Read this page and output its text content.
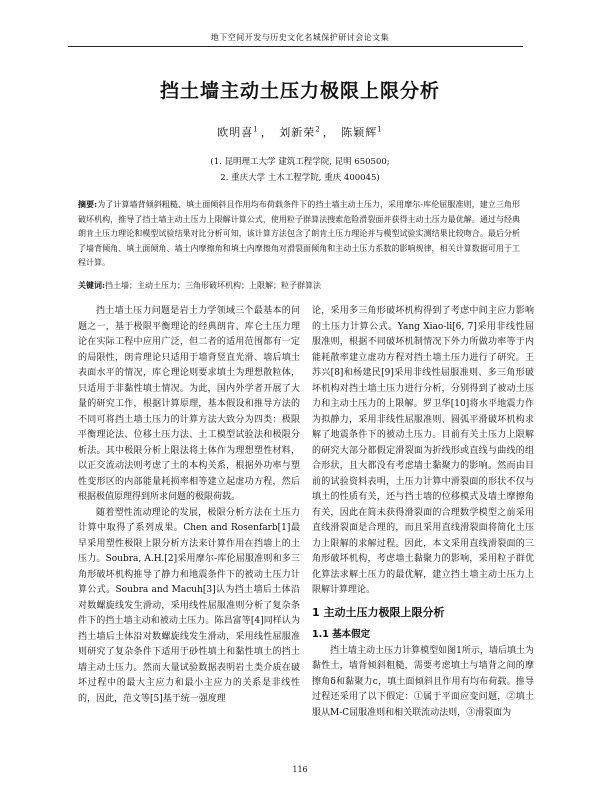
地下空间开发与历史文化名城保护研讨会论文集
挡土墙主动土压力极限上限分析
欧明喜$^1$ ， 刘新荣$^2$ ， 陈颖辉$^1$
(1. 昆明理工大学 建筑工程学院, 昆明 650500;
2. 重庆大学 土木工程学院, 重庆 400045)
摘要:为了计算墙背倾斜粗糙、填土面倾斜且作用均布荷载条件下的挡土墙主动土压力，采用摩尔-库伦屈服准则，建立三角形破坏机构，推导了挡土墙主动土压力上限解计算公式，使用粒子群算法搜索危险滑裂面并获得主动土压力最优解。通过与经典朗肯土压力理论和模型试验结果对比分析可知，该计算方法包含了朗肯土压力理论并与模型试验实测结果比较吻合。最后分析了墙背倾角、填土面倾角、墙土内摩擦角和填土内摩擦角对滑裂面倾角和主动土压力系数的影响规律，相关计算数据可用于工程计算。
关键词:挡土墙；主动土压力；三角形破坏机构；上限解；粒子群算法

挡土墙土压力问题是岩土力学领域三个最基本的问题之一，基于极限平衡理论的经典朗肯、库仑土压力理论在实际工程中应用广泛，但二者的适用范围都有一定的局限性，朗肯理论只适用于墙背竖直光滑、墙后填土表面水平的情况，库仑理论则要求填土为理想散粒体，只适用于非黏性填土情况。为此，国内外学者开展了大量的研究工作，根据计算原理，基本假设和推导方法的不同可将挡土墙土压力的计算方法大致分为四类：极限平衡理论法、位移土压力法、土工模型试验法和极限分析法。其中极限分析上限法将土体作为理想塑性材料，以正交流动法则考虑了土的本构关系，根据外功率与塑性变形区的内部能量耗损率相等建立起虚功方程，然后根据极值原理得到所求问题的极限荷载。

随着塑性流动理论的发展，极限分析方法在土压力计算中取得了系列成果。Chen and Rosenfarb[1]最早采用塑性极限上限分析方法来计算作用在挡墙上的土压力。Soubra, A.H.[2]采用摩尔-库伦屈服准则和多三角形破坏机构推导了静力和地震条件下的被动土压力计算公式。Soubra and Macuh[3]认为挡土墙后土体沿对数螺旋线发生滑动，采用线性屈服准则分析了复杂条件下的挡土墙主动和被动土压力。陈昌富等[4]同样认为挡土墙后土体沿对数螺旋线发生滑动，采用线性屈服准则研究了复杂条件下适用于砂性填土和黏性填土的挡土墙主动土压力。然而大量试验数据表明岩土类介质在破坏过程中的最大主应力和最小主应力的关系是非线性的，因此，范文等[5]基于统一强度理

论，采用多三角形破坏机构得到了考虑中间主应力影响的土压力计算公式。Yang Xiao-li[6, 7]采用非线性屈服准则，根据不同破坏机制情况下外力所做功率等于内能耗散率建立虚功方程对挡土墙土压力进行了研究。王苏兴[8]和杨建民[9]采用非线性屈服准则、多三角形破坏机构对挡土墙土压力进行分析，分别得到了被动土压力和主动土压力的上限解。罗卫华[10]将水平地震力作为拟静力，采用非线性屈服准则、圆弧平滑破坏机构求解了地震条件下的被动土压力。目前有关土压力上限解的研究大部分都假定滑裂面为折线形或直线与曲线的组合形状，且大都没有考虑墙土黏聚力的影响。然而由目前的试验资料表明，土压力计算中滑裂面的形状不仅与填土的性质有关，还与挡土墙的位移模式及墙土摩擦角有关，因此在简未获得滑裂面的合理数学模型之前采用直线滑裂面是合理的，而且采用直线滑裂面将简化土压力上限解的求解过程。因此，本文采用直线滑裂面的三角形破坏机构，考虑墙土黏聚力的影响，采用粒子群优化算法求解土压力的最优解，建立挡土墙主动土压力上限解计算理论。

1 主动土压力极限上限分析
1.1 基本假定

挡土墙主动土压力计算模型如图1所示，墙后填土为黏性土，墙背倾斜粗糙，需要考虑填土与墙背之间的摩擦角δ和黏聚力c，填土面倾斜且作用有均布荷载。推导过程还采用了以下假定：①属于平面应变问题，②填土服从M-C屈服准则和相关联流动法则，③滑裂面为

116
